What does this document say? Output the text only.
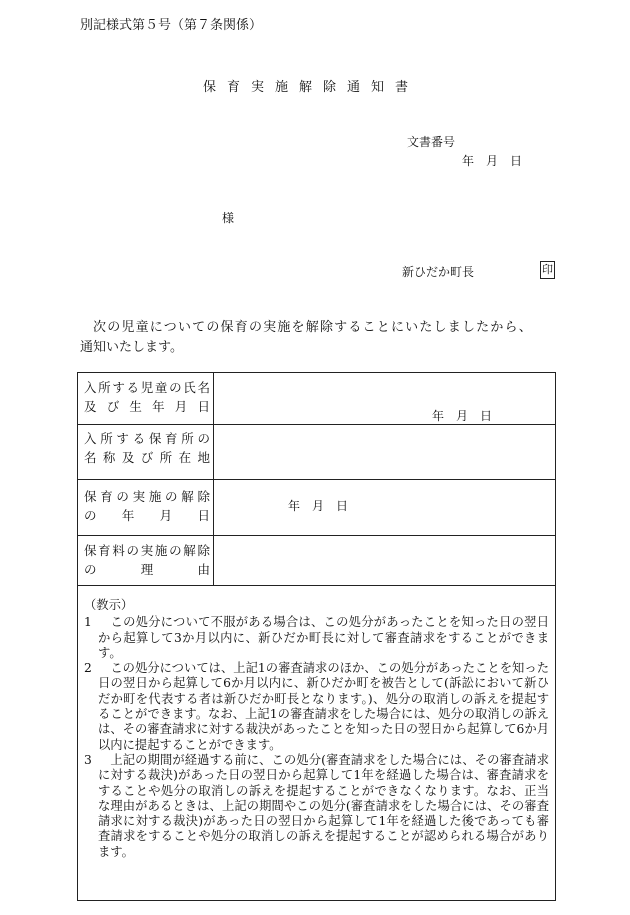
別記様式第５号（第７条関係）
保育実施解除通知書
文書番号
年　月　日
様
新ひだか町長	印

次の児童についての保育の実施を解除することにいたしましたから、

通知いたします。

入所する児童の氏名
及び生年月日
年　月　日
入所する保育所の
名称及び所在地
保育の実施の解除
の　年　月　日
年　月　日
保育料の実施の解除
の　理　由
（教示）
1 　この処分について不服がある場合は、この処分があったことを知った日の翌日から起算して3か月以内に、新ひだか町長に対して審査請求をすることができます。
2 　この処分については、上記1の審査請求のほか、この処分があったことを知った日の翌日から起算して6か月以内に、新ひだか町を被告として(訴訟において新ひだか町を代表する者は新ひだか町長となります。)、処分の取消しの訴えを提起することができます。なお、上記1の審査請求をした場合には、処分の取消しの訴えは、その審査請求に対する裁決があったことを知った日の翌日から起算して6か月以内に提起することができます。
3 　上記の期間が経過する前に、この処分(審査請求をした場合には、その審査請求に対する裁決)があった日の翌日から起算して1年を経過した場合は、審査請求をすることや処分の取消しの訴えを提起することができなくなります。なお、正当な理由があるときは、上記の期間やこの処分(審査請求をした場合には、その審査請求に対する裁決)があった日の翌日から起算して1年を経過した後であっても審査請求をすることや処分の取消しの訴えを提起することが認められる場合があります。
